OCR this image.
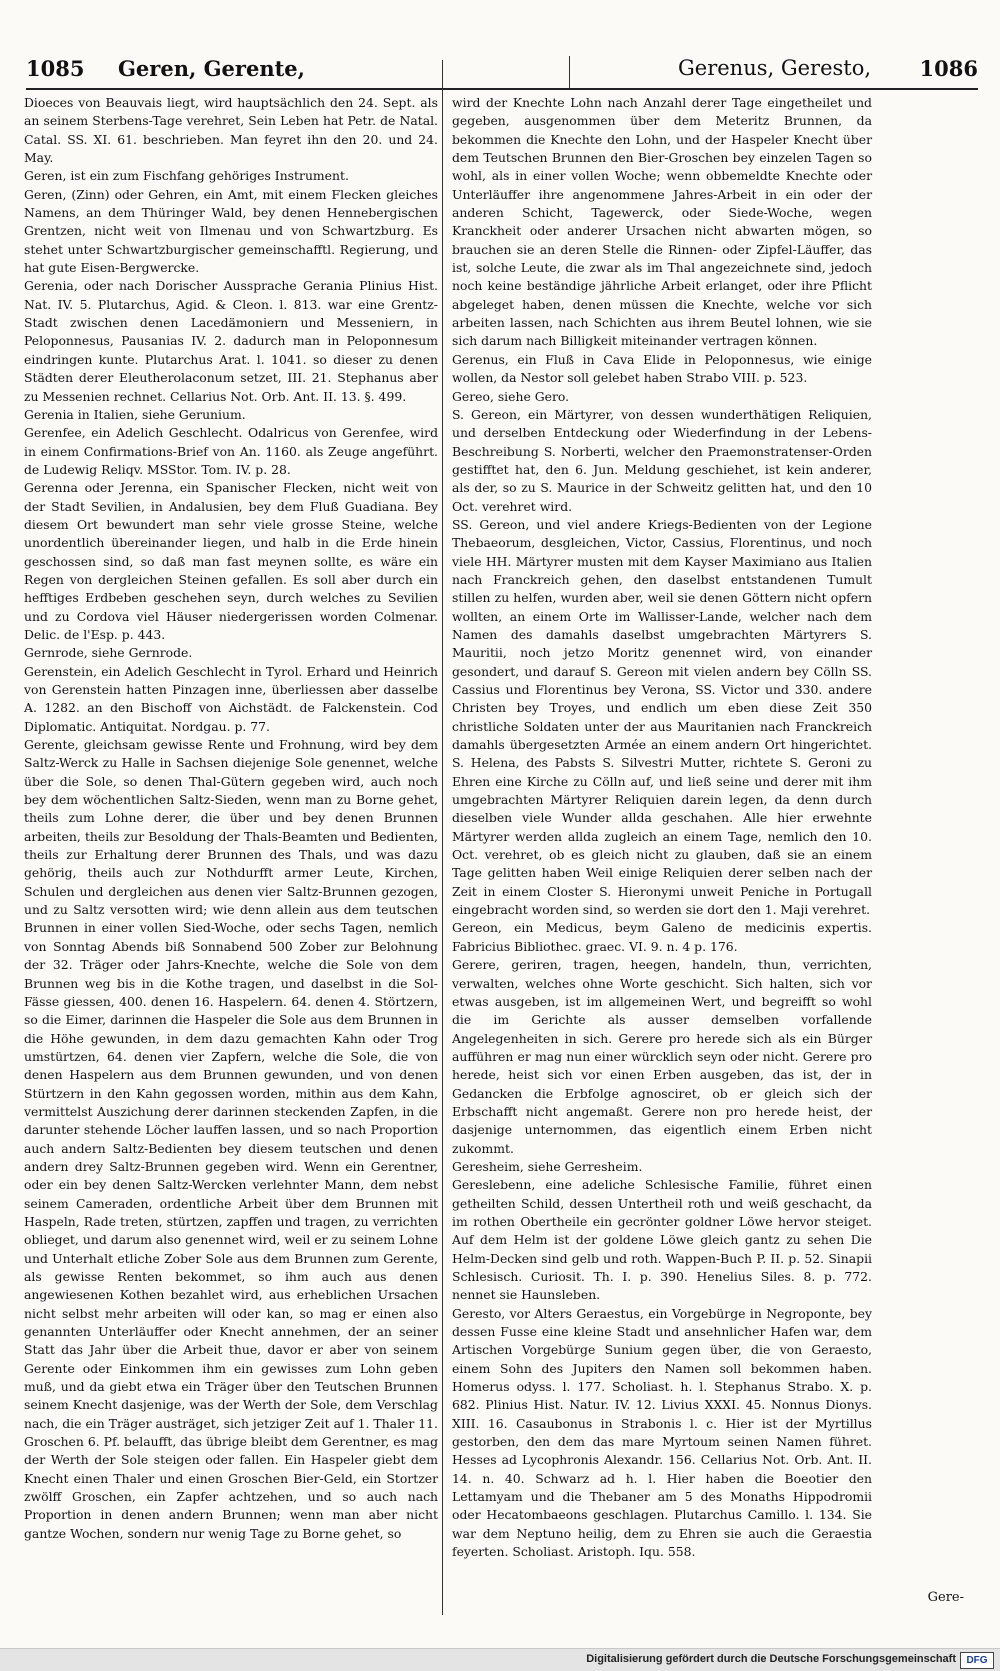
1085 Geren, Gerente,	Gerenus, Geresto, 1086

Dioeces von Beauvais liegt, wird hauptsächlich den 24. Sept. als an seinem Sterbens-Tage verehret, Sein Leben hat Petr. de Natal. Catal. SS. XI. 61. beschrieben. Man feyret ihn den 20. und 24. May.

Geren, ist ein zum Fischfang gehöriges Instrument.

Geren, (Zinn) oder Gehren, ein Amt, mit einem Flecken gleiches Namens, an dem Thüringer Wald, bey denen Hennebergischen Grentzen, nicht weit von Ilmenau und von Schwartzburg. Es stehet unter Schwartzburgischer gemeinschafftl. Regierung, und hat gute Eisen-Bergwercke.

Gerenia, oder nach Dorischer Aussprache Gerania Plinius Hist. Nat. IV. 5. Plutarchus, Agid. & Cleon. l. 813. war eine Grentz-Stadt zwischen denen Lacedämoniern und Messeniern, in Peloponnesus, Pausanias IV. 2. dadurch man in Peloponnesum eindringen kunte. Plutarchus Arat. l. 1041. so dieser zu denen Städten derer Eleutherolaconum setzet, III. 21. Stephanus aber zu Messenien rechnet. Cellarius Not. Orb. Ant. II. 13. §. 499.

Gerenia in Italien, siehe Gerunium.

Gerenfee, ein Adelich Geschlecht. Odalricus von Gerenfee, wird in einem Confirmations-Brief von An. 1160. als Zeuge angeführt. de Ludewig Reliqv. MSStor. Tom. IV. p. 28.

Gerenna oder Jerenna, ein Spanischer Flecken, nicht weit von der Stadt Sevilien, in Andalusien, bey dem Fluß Guadiana. Bey diesem Ort bewundert man sehr viele grosse Steine, welche unordentlich übereinander liegen, und halb in die Erde hinein geschossen sind, so daß man fast meynen sollte, es wäre ein Regen von dergleichen Steinen gefallen. Es soll aber durch ein hefftiges Erdbeben geschehen seyn, durch welches zu Sevilien und zu Cordova viel Häuser niedergerissen worden Colmenar. Delic. de l'Esp. p. 443.

Gernrode, siehe Gernrode.

Gerenstein, ein Adelich Geschlecht in Tyrol. Erhard und Heinrich von Gerenstein hatten Pinzagen inne, überliessen aber dasselbe A. 1282. an den Bischoff von Aichstädt. de Falckenstein. Cod Diplomatic. Antiquitat. Nordgau. p. 77.

Gerente, gleichsam gewisse Rente und Frohnung, wird bey dem Saltz-Werck zu Halle in Sachsen diejenige Sole genennet, welche über die Sole, so denen Thal-Gütern gegeben wird, auch noch bey dem wöchentlichen Saltz-Sieden, wenn man zu Borne gehet, theils zum Lohne derer, die über und bey denen Brunnen arbeiten, theils zur Besoldung der Thals-Beamten und Bedienten, theils zur Erhaltung derer Brunnen des Thals, und was dazu gehörig, theils auch zur Nothdurfft armer Leute, Kirchen, Schulen und dergleichen aus denen vier Saltz-Brunnen gezogen, und zu Saltz versotten wird; wie denn allein aus dem teutschen Brunnen in einer vollen Sied-Woche, oder sechs Tagen, nemlich von Sonntag Abends biß Sonnabend 500 Zober zur Belohnung der 32. Träger oder Jahrs-Knechte, welche die Sole von dem Brunnen weg bis in die Kothe tragen, und daselbst in die Sol-Fässe giessen, 400. denen 16. Haspelern. 64. denen 4. Störtzern, so die Eimer, darinnen die Haspeler die Sole aus dem Brunnen in die Höhe gewunden, in dem dazu gemachten Kahn oder Trog umstürtzen, 64. denen vier Zapfern, welche die Sole, die von denen Haspelern aus dem Brunnen gewunden, und von denen Stürtzern in den Kahn gegossen worden, mithin aus dem Kahn, vermittelst Auszichung derer darinnen steckenden Zapfen, in die darunter stehende Löcher lauffen lassen, und so nach Proportion auch andern Saltz-Bedienten bey diesem teutschen und denen andern drey Saltz-Brunnen gegeben wird. Wenn ein Gerentner, oder ein bey denen Saltz-Wercken verlehnter Mann, dem nebst seinem Cameraden, ordentliche Arbeit über dem Brunnen mit Haspeln, Rade treten, stürtzen, zapffen und tragen, zu verrichten oblieget, und darum also genennet wird, weil er zu seinem Lohne und Unterhalt etliche Zober Sole aus dem Brunnen zum Gerente, als gewisse Renten bekommet, so ihm auch aus denen angewiesenen Kothen bezahlet wird, aus erheblichen Ursachen nicht selbst mehr arbeiten will oder kan, so mag er einen also genannten Unterläuffer oder Knecht annehmen, der an seiner Statt das Jahr über die Arbeit thue, davor er aber von seinem Gerente oder Einkommen ihm ein gewisses zum Lohn geben muß, und da giebt etwa ein Träger über den Teutschen Brunnen seinem Knecht dasjenige, was der Werth der Sole, dem Verschlag nach, die ein Träger austräget, sich jetziger Zeit auf 1. Thaler 11. Groschen 6. Pf. belaufft, das übrige bleibt dem Gerentner, es mag der Werth der Sole steigen oder fallen. Ein Haspeler giebt dem Knecht einen Thaler und einen Groschen Bier-Geld, ein Stortzer zwölff Groschen, ein Zapfer achtzehen, und so auch nach Proportion in denen andern Brunnen; wenn man aber nicht gantze Wochen, sondern nur wenig Tage zu Borne gehet, so

wird der Knechte Lohn nach Anzahl derer Tage eingetheilet und gegeben, ausgenommen über dem Meteritz Brunnen, da bekommen die Knechte den Lohn, und der Haspeler Knecht über dem Teutschen Brunnen den Bier-Groschen bey einzelen Tagen so wohl, als in einer vollen Woche; wenn obbemeldte Knechte oder Unterläuffer ihre angenommene Jahres-Arbeit in ein oder der anderen Schicht, Tagewerck, oder Siede-Woche, wegen Kranckheit oder anderer Ursachen nicht abwarten mögen, so brauchen sie an deren Stelle die Rinnen- oder Zipfel-Läuffer, das ist, solche Leute, die zwar als im Thal angezeichnete sind, jedoch noch keine beständige jährliche Arbeit erlanget, oder ihre Pflicht abgeleget haben, denen müssen die Knechte, welche vor sich arbeiten lassen, nach Schichten aus ihrem Beutel lohnen, wie sie sich darum nach Billigkeit miteinander vertragen können.

Gerenus, ein Fluß in Cava Elide in Peloponnesus, wie einige wollen, da Nestor soll gelebet haben Strabo VIII. p. 523.

Gereo, siehe Gero.

S. Gereon, ein Märtyrer, von dessen wunderthätigen Reliquien, und derselben Entdeckung oder Wiederfindung in der Lebens-Beschreibung S. Norberti, welcher den Praemonstratenser-Orden gestifftet hat, den 6. Jun. Meldung geschiehet, ist kein anderer, als der, so zu S. Maurice in der Schweitz gelitten hat, und den 10 Oct. verehret wird.

SS. Gereon, und viel andere Kriegs-Bedienten von der Legione Thebaeorum, desgleichen, Victor, Cassius, Florentinus, und noch viele HH. Märtyrer musten mit dem Kayser Maximiano aus Italien nach Franckreich gehen, den daselbst entstandenen Tumult stillen zu helfen, wurden aber, weil sie denen Göttern nicht opfern wollten, an einem Orte im Wallisser-Lande, welcher nach dem Namen des damahls daselbst umgebrachten Märtyrers S. Mauritii, noch jetzo Moritz genennet wird, von einander gesondert, und darauf S. Gereon mit vielen andern bey Cölln SS. Cassius und Florentinus bey Verona, SS. Victor und 330. andere Christen bey Troyes, und endlich um eben diese Zeit 350 christliche Soldaten unter der aus Mauritanien nach Franckreich damahls übergesetzten Armée an einem andern Ort hingerichtet. S. Helena, des Pabsts S. Silvestri Mutter, richtete S. Geroni zu Ehren eine Kirche zu Cölln auf, und ließ seine und derer mit ihm umgebrachten Märtyrer Reliquien darein legen, da denn durch dieselben viele Wunder allda geschahen. Alle hier erwehnte Märtyrer werden allda zugleich an einem Tage, nemlich den 10. Oct. verehret, ob es gleich nicht zu glauben, daß sie an einem Tage gelitten haben Weil einige Reliquien derer selben nach der Zeit in einem Closter S. Hieronymi unweit Peniche in Portugall eingebracht worden sind, so werden sie dort den 1. Maji verehret.

Gereon, ein Medicus, beym Galeno de medicinis expertis. Fabricius Bibliothec. graec. VI. 9. n. 4 p. 176.

Gerere, geriren, tragen, heegen, handeln, thun, verrichten, verwalten, welches ohne Worte geschicht. Sich halten, sich vor etwas ausgeben, ist im allgemeinen Wert, und begreifft so wohl die im Gerichte als ausser demselben vorfallende Angelegenheiten in sich. Gerere pro herede sich als ein Bürger aufführen er mag nun einer würcklich seyn oder nicht. Gerere pro herede, heist sich vor einen Erben ausgeben, das ist, der in Gedancken die Erbfolge agnosciret, ob er gleich sich der Erbschafft nicht angemaßt. Gerere non pro herede heist, der dasjenige unternommen, das eigentlich einem Erben nicht zukommt.

Geresheim, siehe Gerresheim.

Gereslebenn, eine adeliche Schlesische Familie, führet einen getheilten Schild, dessen Untertheil roth und weiß geschacht, da im rothen Obertheile ein gecrönter goldner Löwe hervor steiget. Auf dem Helm ist der goldene Löwe gleich gantz zu sehen Die Helm-Decken sind gelb und roth. Wappen-Buch P. II. p. 52. Sinapii Schlesisch. Curiosit. Th. I. p. 390. Henelius Siles. 8. p. 772. nennet sie Haunsleben.

Geresto, vor Alters Geraestus, ein Vorgebürge in Negroponte, bey dessen Fusse eine kleine Stadt und ansehnlicher Hafen war, dem Artischen Vorgebürge Sunium gegen über, die von Geraesto, einem Sohn des Jupiters den Namen soll bekommen haben. Homerus odyss. l. 177. Scholiast. h. l. Stephanus Strabo. X. p. 682. Plinius Hist. Natur. IV. 12. Livius XXXI. 45. Nonnus Dionys. XIII. 16. Casaubonus in Strabonis l. c. Hier ist der Myrtillus gestorben, den dem das mare Myrtoum seinen Namen führet. Hesses ad Lycophronis Alexandr. 156. Cellarius Not. Orb. Ant. II. 14. n. 40. Schwarz ad h. l. Hier haben die Boeotier den Lettamyam und die Thebaner am 5 des Monaths Hippodromii oder Hecatombaeons geschlagen. Plutarchus Camillo. l. 134. Sie war dem Neptuno heilig, dem zu Ehren sie auch die Geraestia feyerten. Scholiast. Aristoph. Iqu. 558.

Gere-
Digitalisierung gefördert durch die Deutsche Forschungsgemeinschaft	DFG
